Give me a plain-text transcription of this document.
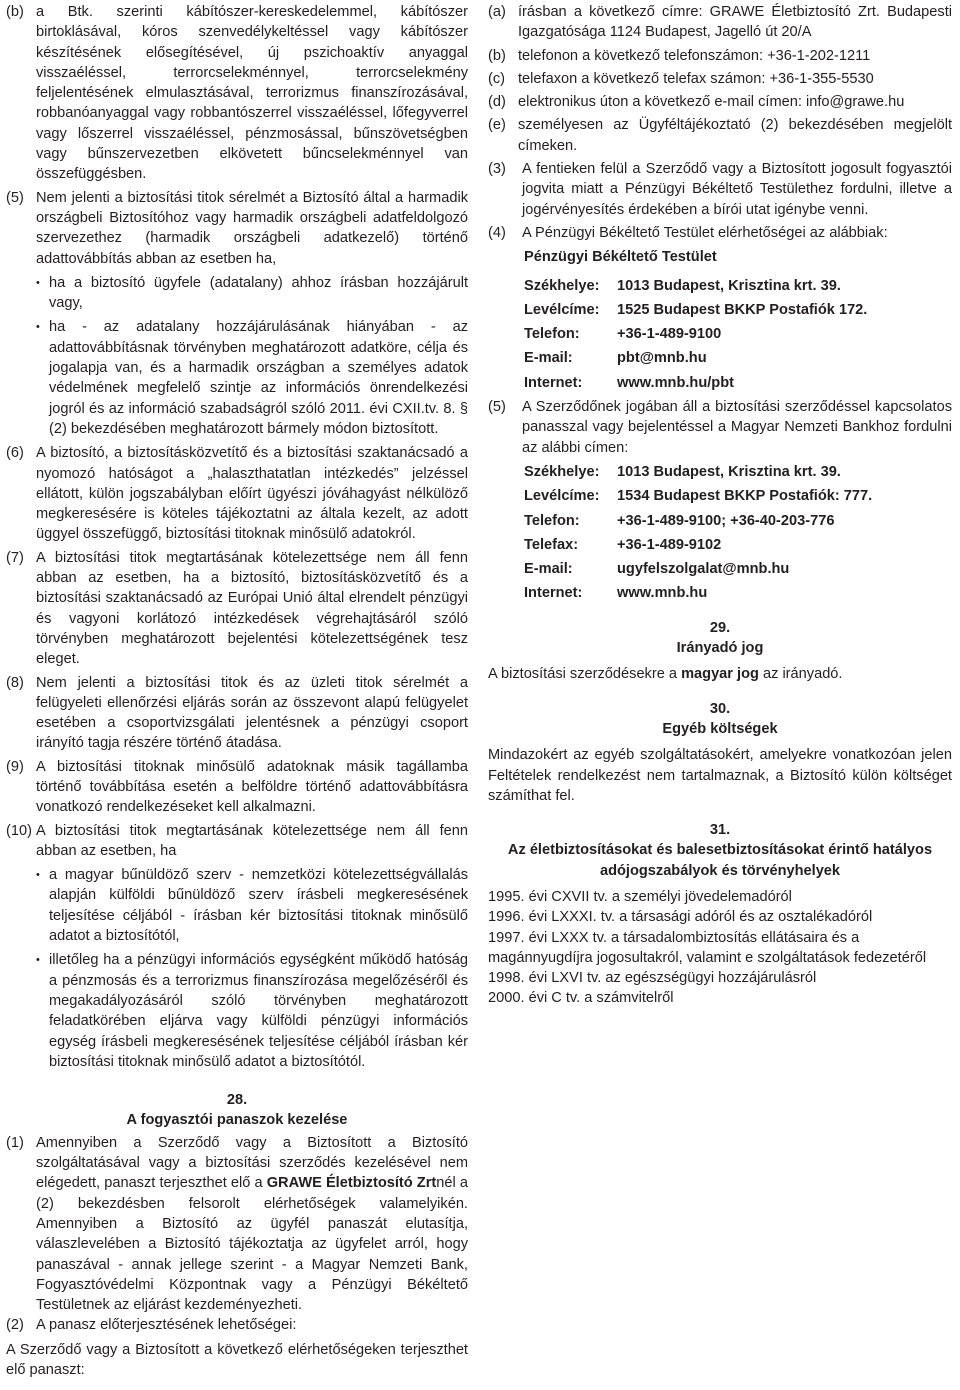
(b) a Btk. szerinti kábítószer-kereskedelemmel, kábítószer birtoklásával, kóros szenvedélykeltéssel vagy kábítószer készítésének elősegítésével, új pszichoaktív anyaggal visszaéléssel, terrorcselekménnyel, terrorcselekmény feljelentésének elmulasztásával, terrorizmus finanszírozásával, robbanóanyaggal vagy robbantószerrel visszaéléssel, lőfegyverrel vagy lőszerrel visszaéléssel, pénzmosással, bűnszövetségben vagy bűnszervezetben elkövetett bűncselekménnyel van összefüggésben.
(5) Nem jelenti a biztosítási titok sérelmét a Biztosító által a harmadik országbeli Biztosítóhoz vagy harmadik országbeli adatfeldolgozó szervezethez (harmadik országbeli adatkezelő) történő adattovábbítás abban az esetben ha,
• ha a biztosító ügyfele (adatalany) ahhoz írásban hozzájárult vagy,
• ha - az adatalany hozzájárulásának hiányában - az adattovábbításnak törvényben meghatározott adatköre, célja és jogalapja van, és a harmadik országban a személyes adatok védelmének megfelelő szintje az információs önrendelkezési jogról és az információ szabadságról szóló 2011. évi CXII.tv. 8. § (2) bekezdésében meghatározott bármely módon biztosított.
(6) A biztosító, a biztosításközvetítő és a biztosítási szaktanácsadó a nyomozó hatóságot a „halaszthatatlan intézkedés” jelzéssel ellátott, külön jogszabályban előírt ügyészi jóváhagyást nélkülöző megkeresésére is köteles tájékoztatni az általa kezelt, az adott üggyel összefüggő, biztosítási titoknak minősülő adatokról.
(7) A biztosítási titok megtartásának kötelezettsége nem áll fenn abban az esetben, ha a biztosító, biztosításközvetítő és a biztosítási szaktanácsadó az Európai Unió által elrendelt pénzügyi és vagyoni korlátozó intézkedések végrehajtásáról szóló törvényben meghatározott bejelentési kötelezettségének tesz eleget.
(8) Nem jelenti a biztosítási titok és az üzleti titok sérelmét a felügyeleti ellenőrzési eljárás során az összevont alapú felügyelet esetében a csoportvizsgálati jelentésnek a pénzügyi csoport irányító tagja részére történő átadása.
(9) A biztosítási titoknak minősülő adatoknak másik tagállamba történő továbbítása esetén a belföldre történő adattovábbításra vonatkozó rendelkezéseket kell alkalmazni.
(10) A biztosítási titok megtartásának kötelezettsége nem áll fenn abban az esetben, ha
• a magyar bűnüldöző szerv - nemzetközi kötelezettségvállalás alapján külföldi bűnüldöző szerv írásbeli megkeresésének teljesítése céljából - írásban kér biztosítási titoknak minősülő adatot a biztosítótól,
• illetőleg ha a pénzügyi információs egységként működő hatóság a pénzmosás és a terrorizmus finanszírozása megelőzéséről és megakadályozásáról szóló törvényben meghatározott feladatkörében eljárva vagy külföldi pénzügyi információs egység írásbeli megkeresésének teljesítése céljából írásban kér biztosítási titoknak minősülő adatot a biztosítótól.
28.
A fogyasztói panaszok kezelése
(1) Amennyiben a Szerződő vagy a Biztosított a Biztosító szolgáltatásával vagy a biztosítási szerződés kezelésével nem elégedett, panaszt terjeszthet elő a GRAWE Életbiztosító Zrtnél a (2) bekezdésben felsorolt elérhetőségek valamelyikén. Amennyiben a Biztosító az ügyfél panaszát elutasítja, válaszlevelében a Biztosító tájékoztatja az ügyfelet arról, hogy panaszával - annak jellege szerint - a Magyar Nemzeti Bank, Fogyasztóvédelmi Központnak vagy a Pénzügyi Békéltető Testületnek az eljárást kezdeményezheti.
(2) A panasz előterjesztésének lehetőségei:
A Szerződő vagy a Biztosított a következő elérhetőségeken terjeszthet elő panaszt:
(a) írásban a következő címre: GRAWE Életbiztosító Zrt. Budapesti Igazgatósága 1124 Budapest, Jagelló út 20/A
(b) telefonon a következő telefonszámon: +36-1-202-1211
(c) telefaxon a következő telefax számon: +36-1-355-5530
(d) elektronikus úton a következő e-mail címen: info@grawe.hu
(e) személyesen az Ügyféltájékoztató (2) bekezdésében megjelölt címeken.
(3)	A fentieken felül a Szerződő vagy a Biztosított jogosult fogyasztói jogvita miatt a Pénzügyi Békéltető Testülethez fordulni, illetve a jogérvényesítés érdekében a bírói utat igénybe venni.
(4)	A Pénzügyi Békéltető Testület elérhetőségei az alábbiak:
Pénzügyi Békéltető Testület
Székhelye:	1013 Budapest, Krisztina krt. 39.
Levélcíme:	1525 Budapest BKKP Postafiók 172.
Telefon:	+36-1-489-9100
E-mail:	pbt@mnb.hu
Internet:	www.mnb.hu/pbt
(5)	A Szerződőnek jogában áll a biztosítási szerződéssel kapcsolatos panasszal vagy bejelentéssel a Magyar Nemzeti Bankhoz fordulni az alábbi címen:
Székhelye:	1013 Budapest, Krisztina krt. 39.
Levélcíme:	1534 Budapest BKKP Postafiók: 777.
Telefon:	+36-1-489-9100; +36-40-203-776
Telefax:	+36-1-489-9102
E-mail:	ugyfelszolgalat@mnb.hu
Internet:	www.mnb.hu
29.
Irányadó jog
A biztosítási szerződésekre a magyar jog az irányadó.
30.
Egyéb költségek
Mindazokért az egyéb szolgáltatásokért, amelyekre vonatkozóan jelen Feltételek rendelkezést nem tartalmaznak, a Biztosító külön költséget számíthat fel.
31.
Az életbiztosításokat és balesetbiztosításokat érintő hatályos adójogszabályok és törvényhelyek
1995. évi CXVII tv. a személyi jövedelemadóról
1996. évi LXXXI. tv. a társasági adóról és az osztalékadóról
1997. évi LXXX tv. a társadalombiztosítás ellátásaira és a magánnyugdíjra jogosultakról, valamint e szolgáltatások fedezetéről
1998. évi LXVI tv. az egészségügyi hozzájárulásról
2000. évi C tv. a számvitelről
